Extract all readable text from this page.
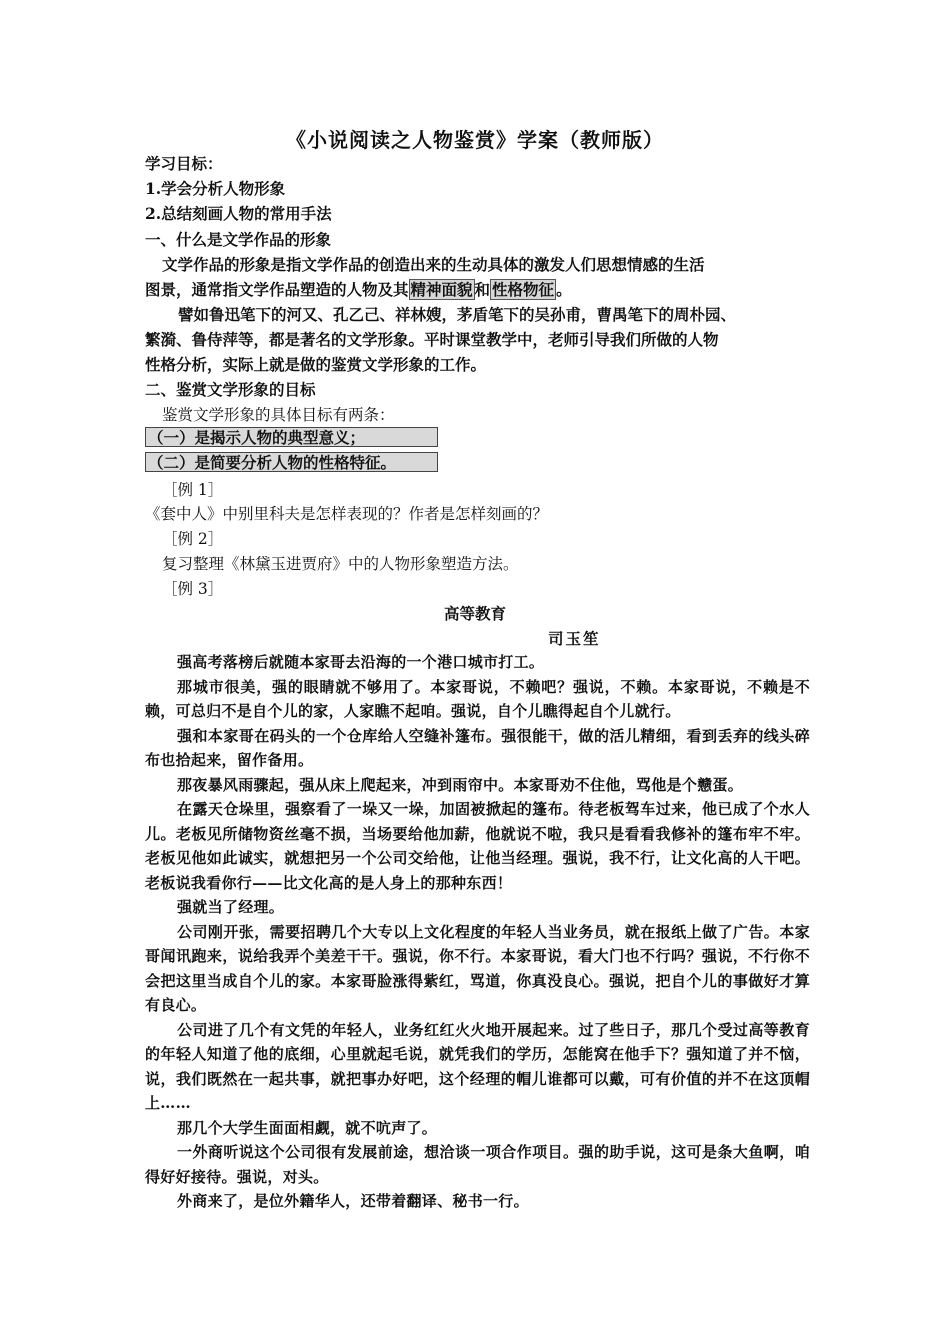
《小说阅读之人物鉴赏》学案（教师版）
学习目标：
1.学会分析人物形象
2.总结刻画人物的常用手法
一、什么是文学作品的形象
文学作品的形象是指文学作品的创造出来的生动具体的激发人们思想情感的生活
图景，通常指文学作品塑造的人物及其 精神面貌 和 性格物征 。
譬如鲁迅笔下的河又、孔乙己、祥林嫂，茅盾笔下的吴孙甫，曹禺笔下的周朴园、
繁漪、鲁侍萍等，都是著名的文学形象。平时课堂教学中，老师引导我们所做的人物
性格分析，实际上就是做的鉴赏文学形象的工作。
二、鉴赏文学形象的目标
鉴赏文学形象的具体目标有两条：
（一）是揭示人物的典型意义；
（二）是简要分析人物的性格特征。
［例 1］
《套中人》中别里科夫是怎样表现的？作者是怎样刻画的？
［例 2］
复习整理《林黛玉进贾府》中的人物形象塑造方法。
［例 3］
高等教育
司玉笙

强高考落榜后就随本家哥去沿海的一个港口城市打工。

那城市很美，强的眼睛就不够用了。本家哥说，不赖吧？强说，不赖。本家哥说，不赖是不赖，可总归不是自个儿的家，人家瞧不起咱。强说，自个儿瞧得起自个儿就行。

强和本家哥在码头的一个仓库给人空缝补篷布。强很能干，做的活儿精细，看到丢弃的线头碎布也拾起来，留作备用。

那夜暴风雨骤起，强从床上爬起来，冲到雨帘中。本家哥劝不住他，骂他是个戆蛋。

在露天仓垛里，强察看了一垛又一垛，加固被掀起的篷布。待老板驾车过来，他已成了个水人儿。老板见所储物资丝毫不损，当场要给他加薪，他就说不啦，我只是看看我修补的篷布牢不牢。老板见他如此诚实，就想把另一个公司交给他，让他当经理。强说，我不行，让文化高的人干吧。老板说我看你行——比文化高的是人身上的那种东西！

强就当了经理。

公司刚开张，需要招聘几个大专以上文化程度的年轻人当业务员，就在报纸上做了广告。本家哥闻讯跑来，说给我弄个美差干干。强说，你不行。本家哥说，看大门也不行吗？强说，不行你不会把这里当成自个儿的家。本家哥脸涨得紫红，骂道，你真没良心。强说，把自个儿的事做好才算有良心。

公司进了几个有文凭的年轻人，业务红红火火地开展起来。过了些日子，那几个受过高等教育的年轻人知道了他的底细，心里就起毛说，就凭我们的学历，怎能窝在他手下？强知道了并不恼，说，我们既然在一起共事，就把事办好吧，这个经理的帽儿谁都可以戴，可有价值的并不在这顶帽上……

那几个大学生面面相觑，就不吭声了。

一外商听说这个公司很有发展前途，想洽谈一项合作项目。强的助手说，这可是条大鱼啊，咱得好好接待。强说，对头。

外商来了，是位外籍华人，还带着翻译、秘书一行。
